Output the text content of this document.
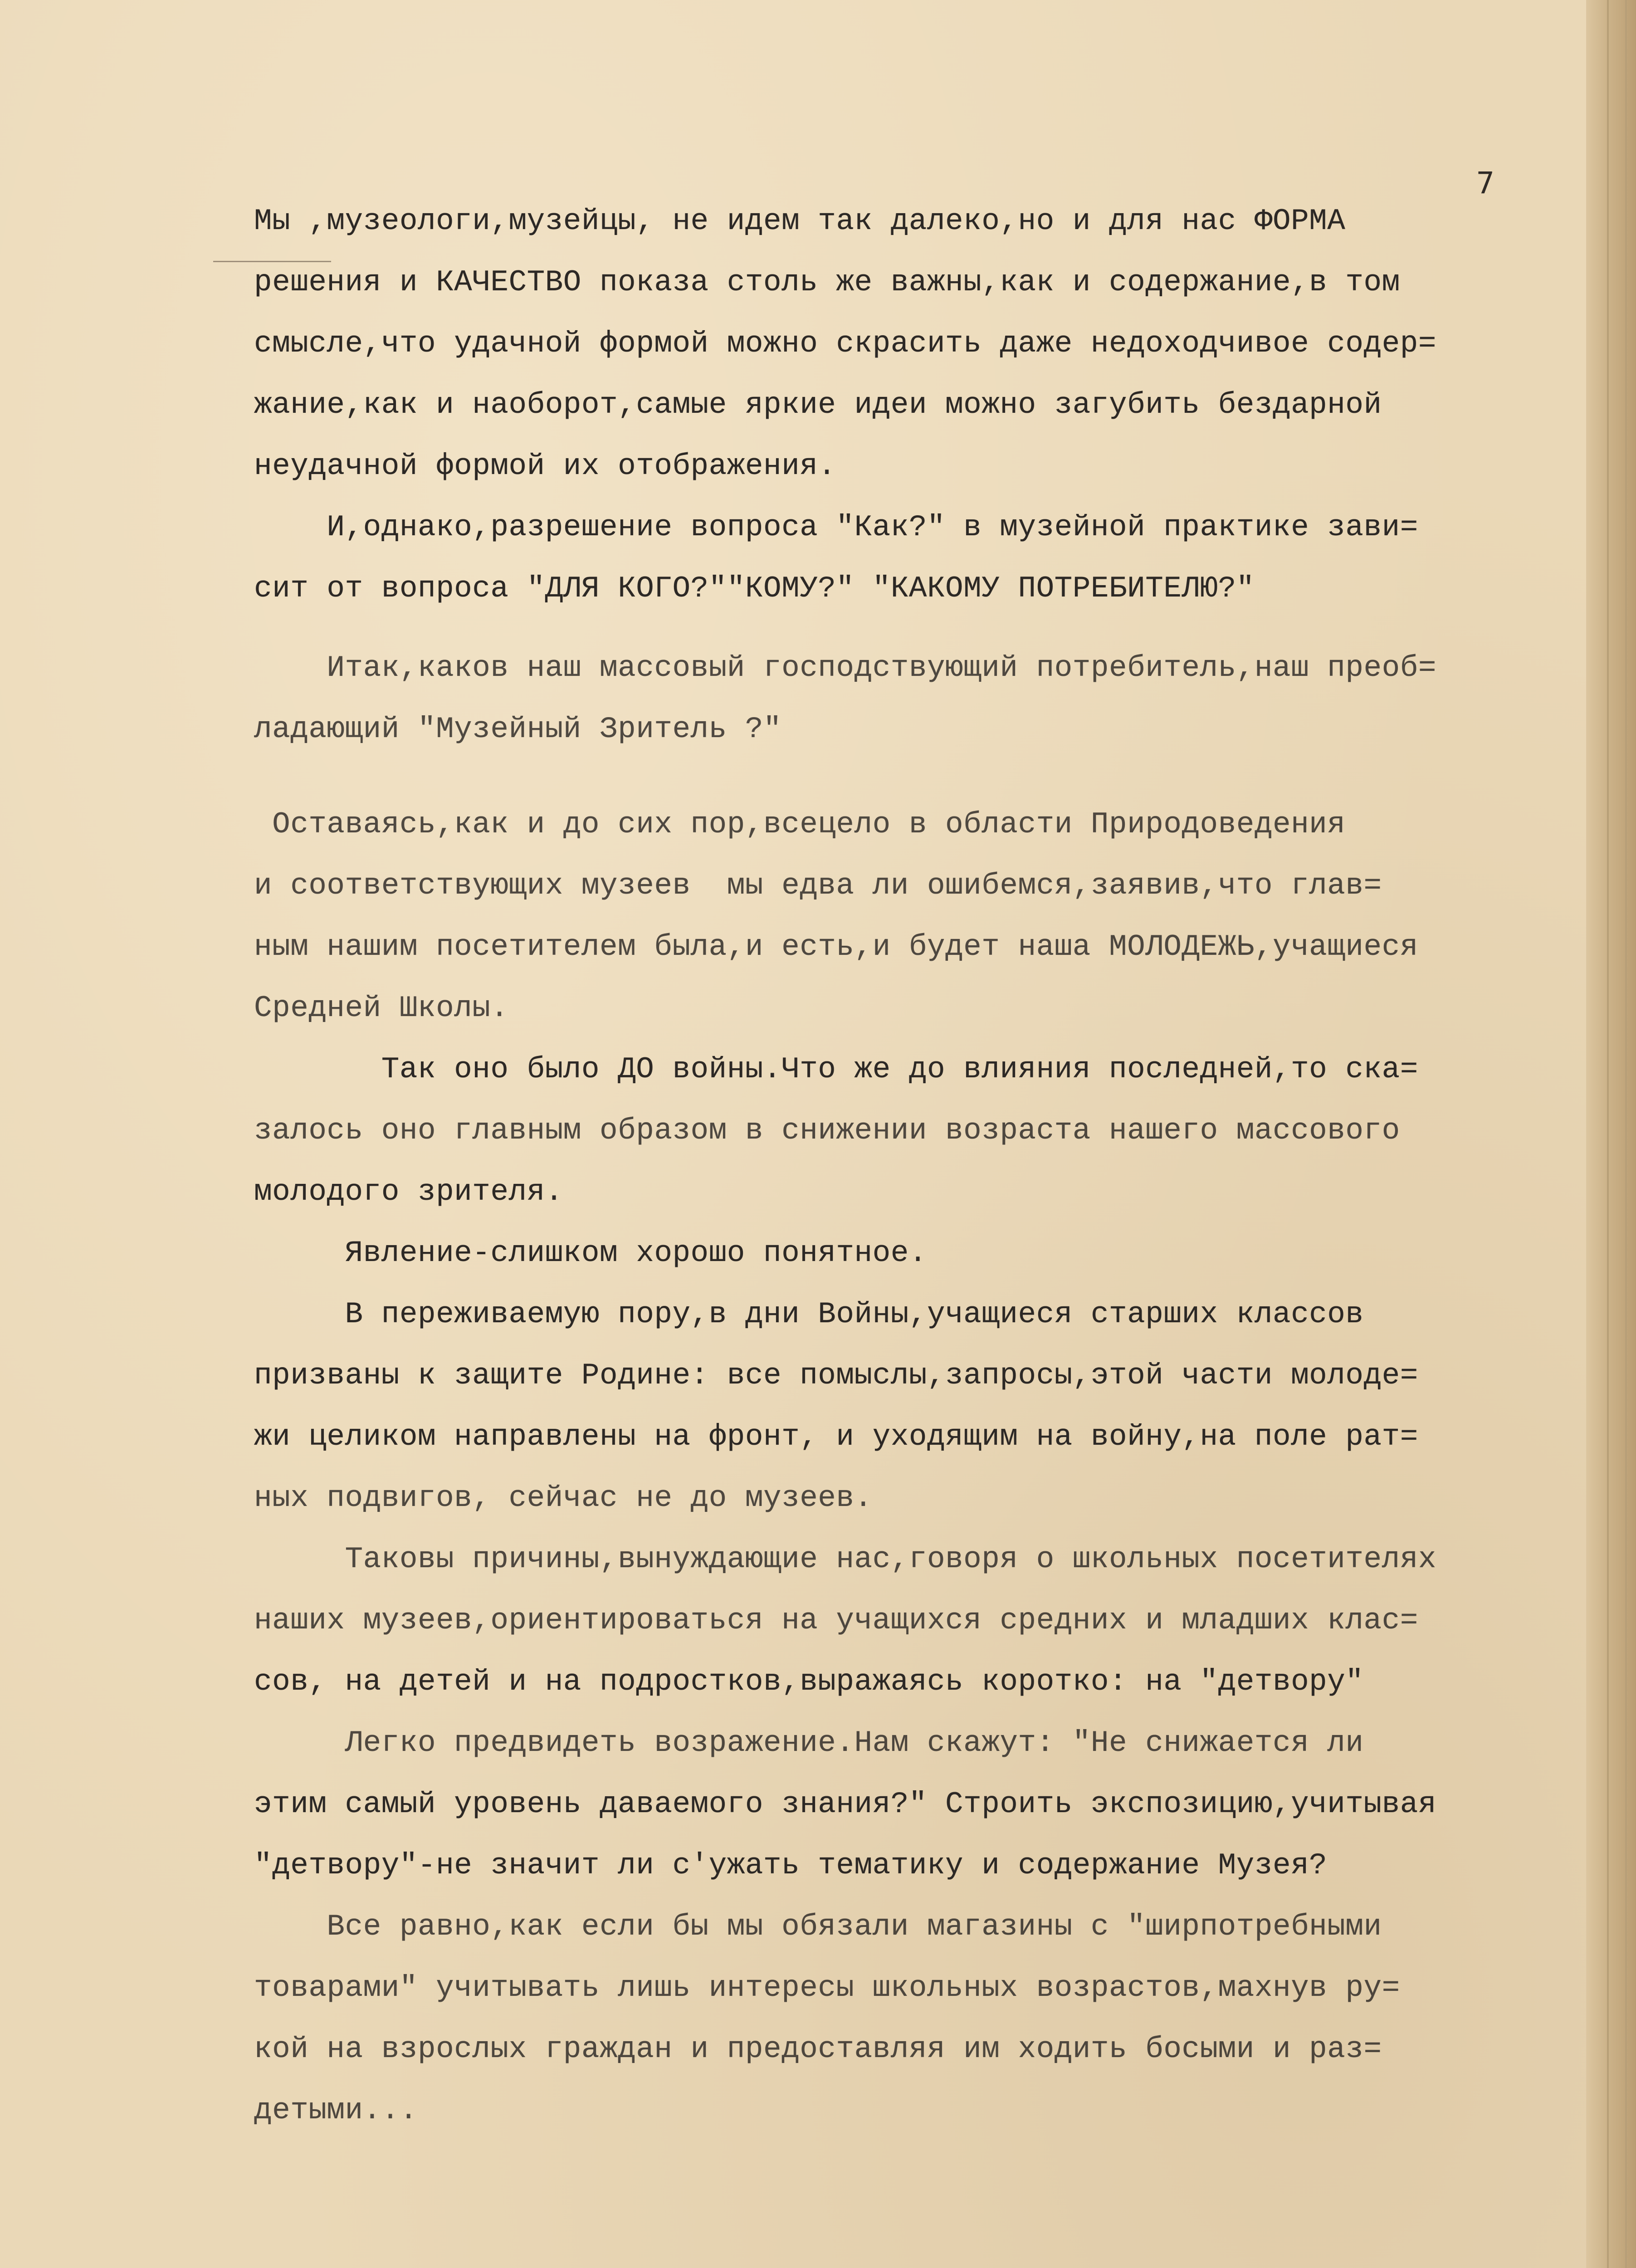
7

Мы ,музеологи,музейцы, не идем так далеко,но и для нас ФОРМА
решения и КАЧЕСТВО показа столь же важны,как и содержание,в том
смысле,что удачной формой можно скрасить даже недоходчивое содер=
жание,как и наоборот,самые яркие идеи можно загубить бездарной
неудачной формой их отображения.
И,однако,разрешение вопроса "Как?" в музейной практике зави=
сит от вопроса "ДЛЯ КОГО?""КОМУ?" "КАКОМУ ПОТРЕБИТЕЛЮ?"
Итак,каков наш массовый господствующий потребитель,наш преоб=
ладающий "Музейный Зритель ?"
Оставаясь,как и до сих пор,всецело в области Природоведения
и соответствующих музеев  мы едва ли ошибемся,заявив,что глав=
ным нашим посетителем была,и есть,и будет наша МОЛОДЕЖЬ,учащиеся
Средней Школы.
Так оно было ДО войны.Что же до влияния последней,то ска=
залось оно главным образом в снижении возраста нашего массового
молодого зрителя.
Явление-слишком хорошо понятное.
В переживаемую пору,в дни Войны,учащиеся старших классов
призваны к защите Родине: все помыслы,запросы,этой части молоде=
жи целиком направлены на фронт, и уходящим на войну,на поле рат=
ных подвигов, сейчас не до музеев.
Таковы причины,вынуждающие нас,говоря о школьных посетителях
наших музеев,ориентироваться на учащихся средних и младших клас=
сов, на детей и на подростков,выражаясь коротко: на "детвору"
Легко предвидеть возражение.Нам скажут: "Не снижается ли
этим самый уровень даваемого знания?" Строить экспозицию,учитывая
"детвору"-не значит ли с'ужать тематику и содержание Музея?
Все равно,как если бы мы обязали магазины с "ширпотребными
товарами" учитывать лишь интересы школьных возрастов,махнув ру=
кой на взрослых граждан и предоставляя им ходить босыми и раз=
детыми...
